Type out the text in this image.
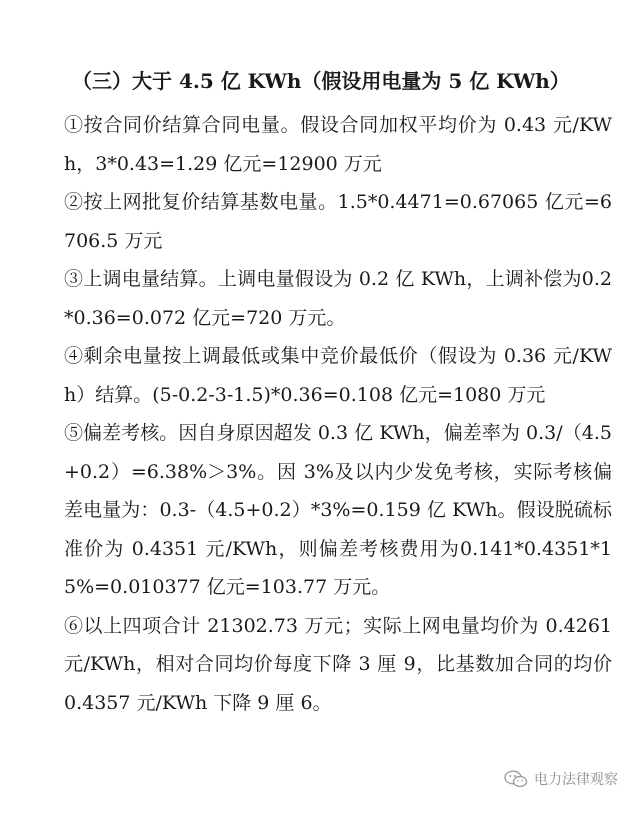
（三）大于 4.5 亿 KWh（假设用电量为 5 亿 KWh）

①按合同价结算合同电量。假设合同加权平均价为 0.43 元/KWh，3*0.43=1.29 亿元=12900 万元

②按上网批复价结算基数电量。1.5*0.4471=0.67065 亿元=6706.5 万元

③上调电量结算。上调电量假设为 0.2 亿 KWh，上调补偿为0.2*0.36=0.072 亿元=720 万元。

④剩余电量按上调最低或集中竞价最低价（假设为 0.36 元/KWh）结算。(5-0.2-3-1.5)*0.36=0.108 亿元=1080 万元

⑤偏差考核。因自身原因超发 0.3 亿 KWh，偏差率为 0.3/（4.5+0.2）=6.38%＞3%。因 3%及以内少发免考核，实际考核偏差电量为：0.3-（4.5+0.2）*3%=0.159 亿 KWh。假设脱硫标准价为 0.4351 元/KWh，则偏差考核费用为0.141*0.4351*15%=0.010377 亿元=103.77 万元。

⑥以上四项合计 21302.73 万元；实际上网电量均价为 0.4261元/KWh，相对合同均价每度下降 3 厘 9，比基数加合同的均价 0.4357 元/KWh 下降 9 厘 6。

电力法律观察
